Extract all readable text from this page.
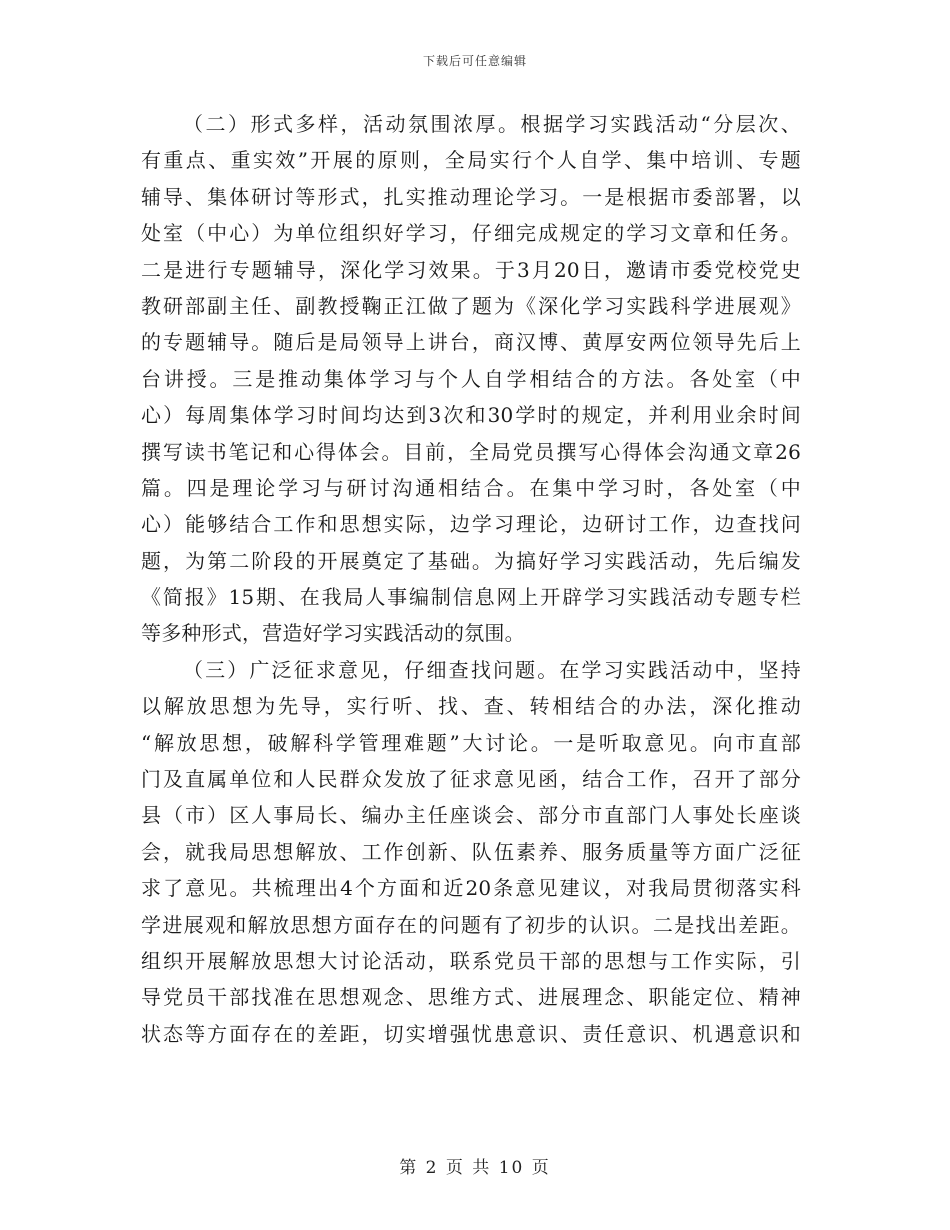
下载后可任意编辑
（二）形式多样，活动氛围浓厚。根据学习实践活动“分层次、
有重点、重实效”开展的原则，全局实行个人自学、集中培训、专题
辅导、集体研讨等形式，扎实推动理论学习。一是根据市委部署，以
处室（中心）为单位组织好学习，仔细完成规定的学习文章和任务。
二是进行专题辅导，深化学习效果。于3月20日，邀请市委党校党史
教研部副主任、副教授鞠正江做了题为《深化学习实践科学进展观》
的专题辅导。随后是局领导上讲台，商汉博、黄厚安两位领导先后上
台讲授。三是推动集体学习与个人自学相结合的方法。各处室（中
心）每周集体学习时间均达到3次和30学时的规定，并利用业余时间
撰写读书笔记和心得体会。目前，全局党员撰写心得体会沟通文章26
篇。四是理论学习与研讨沟通相结合。在集中学习时，各处室（中
心）能够结合工作和思想实际，边学习理论，边研讨工作，边查找问
题，为第二阶段的开展奠定了基础。为搞好学习实践活动，先后编发
《简报》15期、在我局人事编制信息网上开辟学习实践活动专题专栏
等多种形式，营造好学习实践活动的氛围。
（三）广泛征求意见，仔细查找问题。在学习实践活动中，坚持
以解放思想为先导，实行听、找、查、转相结合的办法，深化推动
“解放思想，破解科学管理难题”大讨论。一是听取意见。向市直部
门及直属单位和人民群众发放了征求意见函，结合工作，召开了部分
县（市）区人事局长、编办主任座谈会、部分市直部门人事处长座谈
会，就我局思想解放、工作创新、队伍素养、服务质量等方面广泛征
求了意见。共梳理出4个方面和近20条意见建议，对我局贯彻落实科
学进展观和解放思想方面存在的问题有了初步的认识。二是找出差距。
组织开展解放思想大讨论活动，联系党员干部的思想与工作实际，引
导党员干部找准在思想观念、思维方式、进展理念、职能定位、精神
状态等方面存在的差距，切实增强忧患意识、责任意识、机遇意识和
第 2 页 共 10 页
